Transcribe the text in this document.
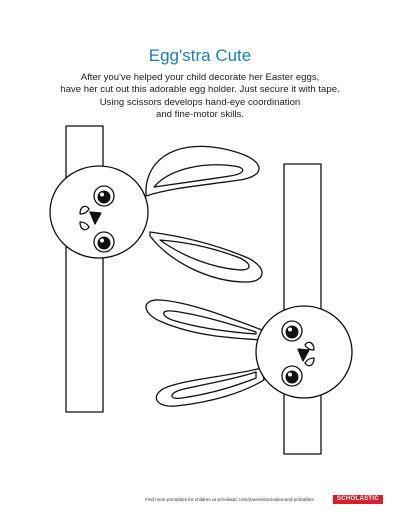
Egg'stra Cute
After you've helped your child decorate her Easter eggs,
have her cut out this adorable egg holder. Just secure it with tape.
Using scissors develops hand-eye coordination
and fine-motor skills.
Find more printables for children at scholastic.com/parents/activities-and-printables	SCHOLASTIC
